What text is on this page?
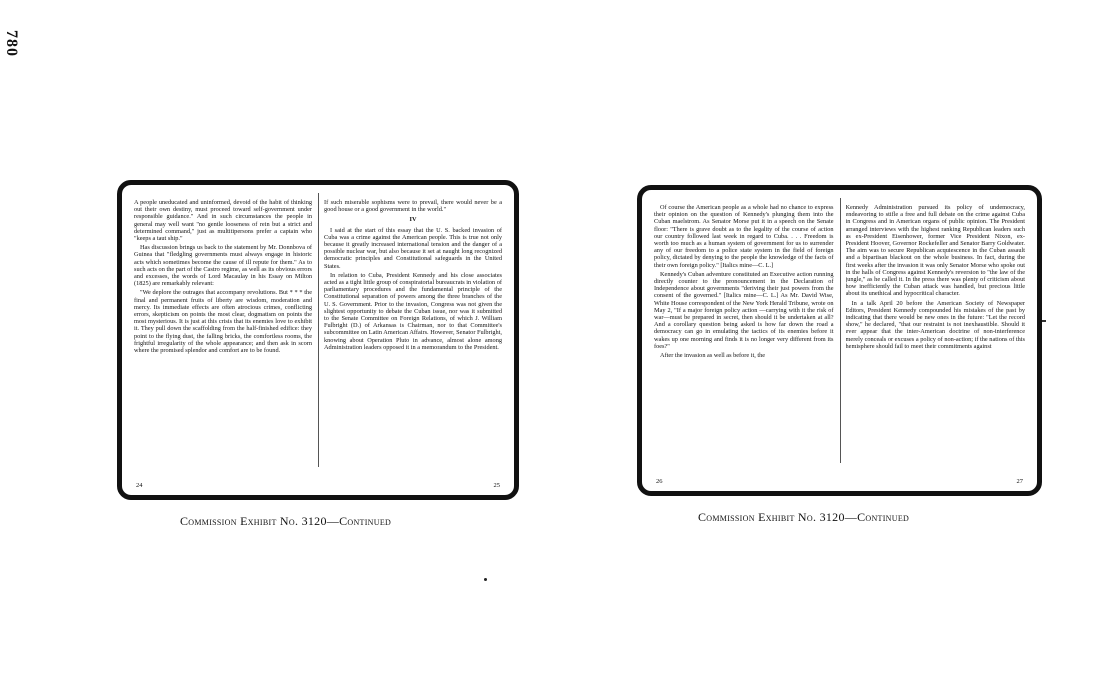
780

A people uneducated and uninformed, devoid of the habit of thinking out their own destiny, must proceed toward self-government under responsible guidance." And in such circumstances the people in general may well want "no gentle looseness of rein but a strict and determined command," just as multitipersons prefer a captain who "keeps a taut ship."

Has discussion brings us back to the statement by Mr. Donnbova of Guinea that "fledgling governments must always engage in historic acts which sometimes become the cause of ill repute for them." As to such acts on the part of the Castro regime, as well as its obvious errors and excesses, the words of Lord Macaulay in his Essay on Milton (1825) are remarkably relevant:

"We deplore the outrages that accompany revolutions. But * * * the final and permanent fruits of liberty are wisdom, moderation and mercy. Its immediate effects are often atrocious crimes, conflicting errors, skepticism on points the most clear, dogmatism on points the most mysterious. It is just at this crisis that its enemies love to exhibit it. They pull down the scaffolding from the half-finished edifice: they point to the flying dust, the falling bricks, the comfortless rooms, the frightful irregularity of the whole appearance; and then ask in scorn where the promised splendor and comfort are to be found.

If such miserable sophisms were to prevail, there would never be a good house or a good government in the world."

IV

I said at the start of this essay that the U. S. backed invasion of Cuba was a crime against the American people. This is true not only because it greatly increased international tension and the danger of a possible nuclear war, but also because it set at naught long recognized democratic principles and Constitutional safeguards in the United States.

In relation to Cuba, President Kennedy and his close associates acted as a tight little group of conspiratorial bureaucrats in violation of parliamentary procedures and the fundamental principle of the Constitutional separation of powers among the three branches of the U. S. Government. Prior to the invasion, Congress was not given the slightest opportunity to debate the Cuban issue, nor was it submitted to the Senate Committee on Foreign Relations, of which J. William Fulbright (D.) of Arkansas is Chairman, nor to that Committee's subcommittee on Latin American Affairs. However, Senator Fulbright, knowing about Operation Pluto in advance, almost alone among Administration leaders opposed it in a memorandum to the President.

24	25

Of course the American people as a whole had no chance to express their opinion on the question of Kennedy's plunging them into the Cuban maelstrom. As Senator Morse put it in a speech on the Senate floor: "There is grave doubt as to the legality of the course of action our country followed last week in regard to Cuba. . . . Freedom is worth too much as a human system of government for us to surrender any of our freedom to a police state system in the field of foreign policy, dictated by denying to the people the knowledge of the facts of their own foreign policy." [Italics mine—C. L.]

Kennedy's Cuban adventure constituted an Executive action running directly counter to the pronouncement in the Declaration of Independence about governments "deriving their just powers from the consent of the governed." [Italics mine—C. L.] As Mr. David Wise, White House correspondent of the New York Herald Tribune, wrote on May 2, "If a major foreign policy action —carrying with it the risk of war—must be prepared in secret, then should it be undertaken at all? And a corollary question being asked is how far down the road a democracy can go in emulating the tactics of its enemies before it wakes up one morning and finds it is no longer very different from its foes?"

After the invasion as well as before it, the

Kennedy Administration pursued its policy of undemocracy, endeavoring to stifle a free and full debate on the crime against Cuba in Congress and in American organs of public opinion. The President arranged interviews with the highest ranking Republican leaders such as ex-President Eisenhower, former Vice President Nixon, ex-President Hoover, Governor Rockefeller and Senator Barry Goldwater. The aim was to secure Republican acquiescence in the Cuban assault and a bipartisan blackout on the whole business. In fact, during the first weeks after the invasion it was only Senator Morse who spoke out in the halls of Congress against Kennedy's reversion to "the law of the jungle," as he called it. In the press there was plenty of criticism about how inefficiently the Cuban attack was handled, but precious little about its unethical and hypocritical character.

In a talk April 20 before the American Society of Newspaper Editors, President Kennedy compounded his mistakes of the past by indicating that there would be new ones in the future: "Let the record show," he declared, "that our restraint is not inexhaustible. Should it ever appear that the inter-American doctrine of non-interference merely conceals or excuses a policy of non-action; if the nations of this hemisphere should fail to meet their commitments against

26	27
Commission Exhibit No. 3120—Continued	Commission Exhibit No. 3120—Continued
